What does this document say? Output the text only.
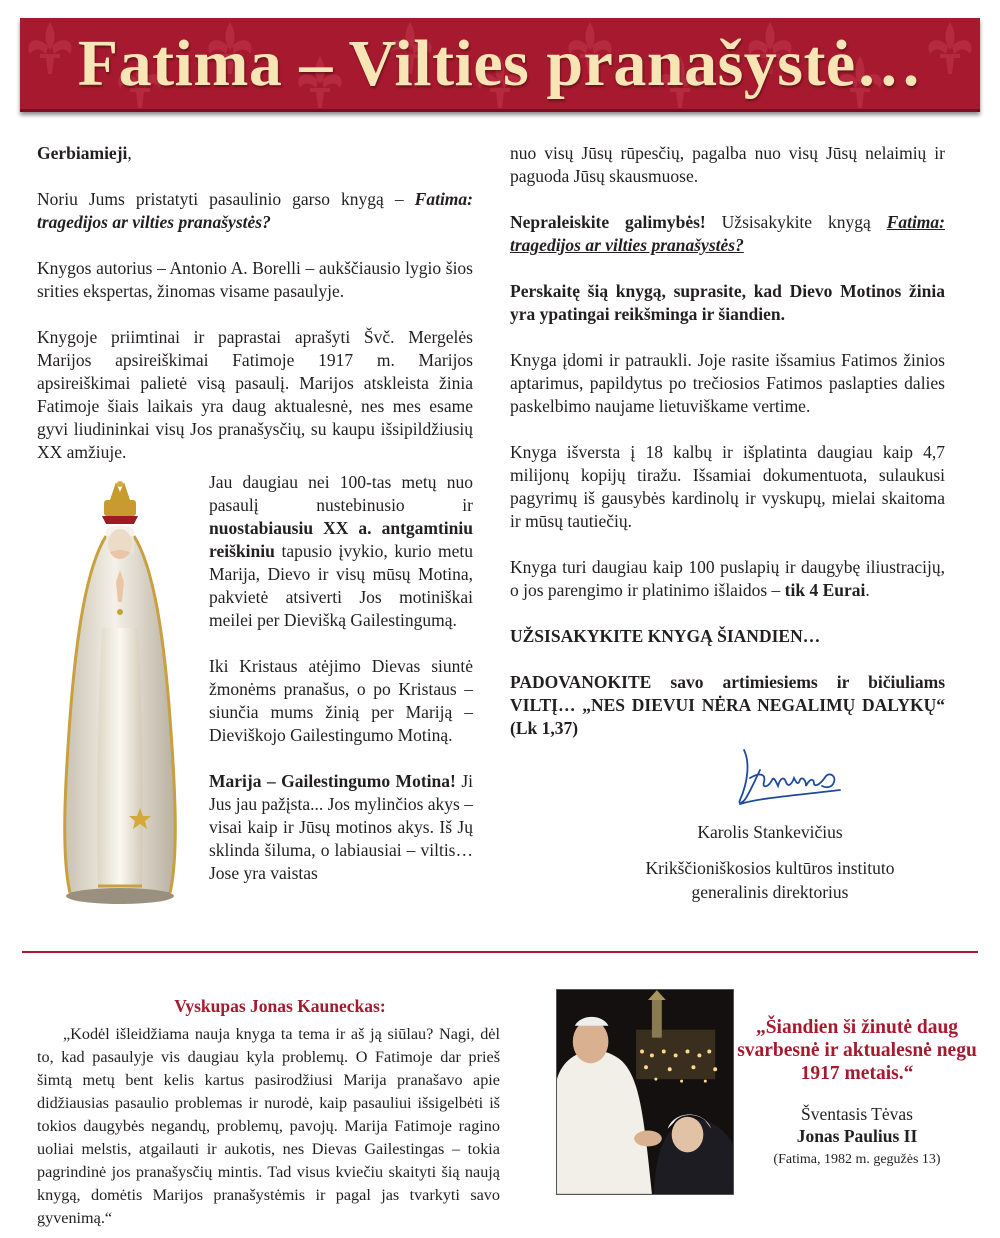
Fatima – Vilties pranašystė…

Gerbiamieji,

Noriu Jums pristatyti pasaulinio garso knygą – Fatima: tragedijos ar vilties pranašystės?

Knygos autorius – Antonio A. Borelli – aukščiausio lygio šios srities ekspertas, žinomas visame pasaulyje.

Knygoje priimtinai ir paprastai aprašyti Švč. Mergelės Marijos apsireiškimai Fatimoje 1917 m. Marijos apsireiškimai palietė visą pasaulį. Marijos atskleista žinia Fatimoje šiais laikais yra daug aktualesnė, nes mes esame gyvi liudininkai visų Jos pranašysčių, su kaupu išsipildžiusių XX amžiuje.

Jau daugiau nei 100-tas metų nuo pasaulį nustebinusio ir nuostabiausiu XX a. antgamtiniu reiškiniu tapusio įvykio, kurio metu Marija, Dievo ir visų mūsų Motina, pakvietė atsiverti Jos motiniškai meilei per Dievišką Gailestingumą.

Iki Kristaus atėjimo Dievas siuntė žmonėms pranašus, o po Kristaus – siunčia mums žinią per Mariją – Dieviškojo Gailestingumo Motiną.

Marija – Gailestingumo Motina! Ji Jus jau pažįsta... Jos mylinčios akys – visai kaip ir Jūsų motinos akys. Iš Jų sklinda šiluma, o labiausiai – viltis… Jose yra vaistas

nuo visų Jūsų rūpesčių, pagalba nuo visų Jūsų nelaimių ir paguoda Jūsų skausmuose.

Nepraleiskite galimybės! Užsisakykite knygą Fatima: tragedijos ar vilties pranašystės?

Perskaitę šią knygą, suprasite, kad Dievo Motinos žinia yra ypatingai reikšminga ir šiandien.

Knyga įdomi ir patraukli. Joje rasite išsamius Fatimos žinios aptarimus, papildytus po trečiosios Fatimos paslapties dalies paskelbimo naujame lietuviškame vertime.

Knyga išversta į 18 kalbų ir išplatinta daugiau kaip 4,7 milijonų kopijų tiražu. Išsamiai dokumentuota, sulaukusi pagyrimų iš gausybės kardinolų ir vyskupų, mielai skaitoma ir mūsų tautiečių.

Knyga turi daugiau kaip 100 puslapių ir daugybę iliustracijų, o jos parengimo ir platinimo išlaidos – tik 4 Eurai.

UŽSISAKYKITE KNYGĄ ŠIANDIEN…

PADOVANOKITE savo artimiesiems ir bičiuliams VILTĮ… „NES DIEVUI NĖRA NEGALIMŲ DALYKŲ“ (Lk 1,37)

Karolis Stankevičius
Krikščioniškosios kultūros instituto
generalinis direktorius
Vyskupas Jonas Kauneckas:
„Kodėl išleidžiama nauja knyga ta tema ir aš ją siūlau? Nagi, dėl to, kad pasaulyje vis daugiau kyla problemų. O Fatimoje dar prieš šimtą metų bent kelis kartus pasirodžiusi Marija pranašavo apie didžiausias pasaulio problemas ir nurodė, kaip pasauliui išsigelbėti iš tokios daugybės negandų, problemų, pavojų. Marija Fatimoje ragino uoliai melstis, atgailauti ir aukotis, nes Dievas Gailestingas – tokia pagrindinė jos pranašysčių mintis. Tad visus kviečiu skaityti šią naują knygą, domėtis Marijos pranašystėmis ir pagal jas tvarkyti savo gyvenimą.“
„Šiandien ši žinutė daug svarbesnė ir aktualesnė negu 1917 metais.“
Šventasis Tėvas
Jonas Paulius II
(Fatima, 1982 m. gegužės 13)
